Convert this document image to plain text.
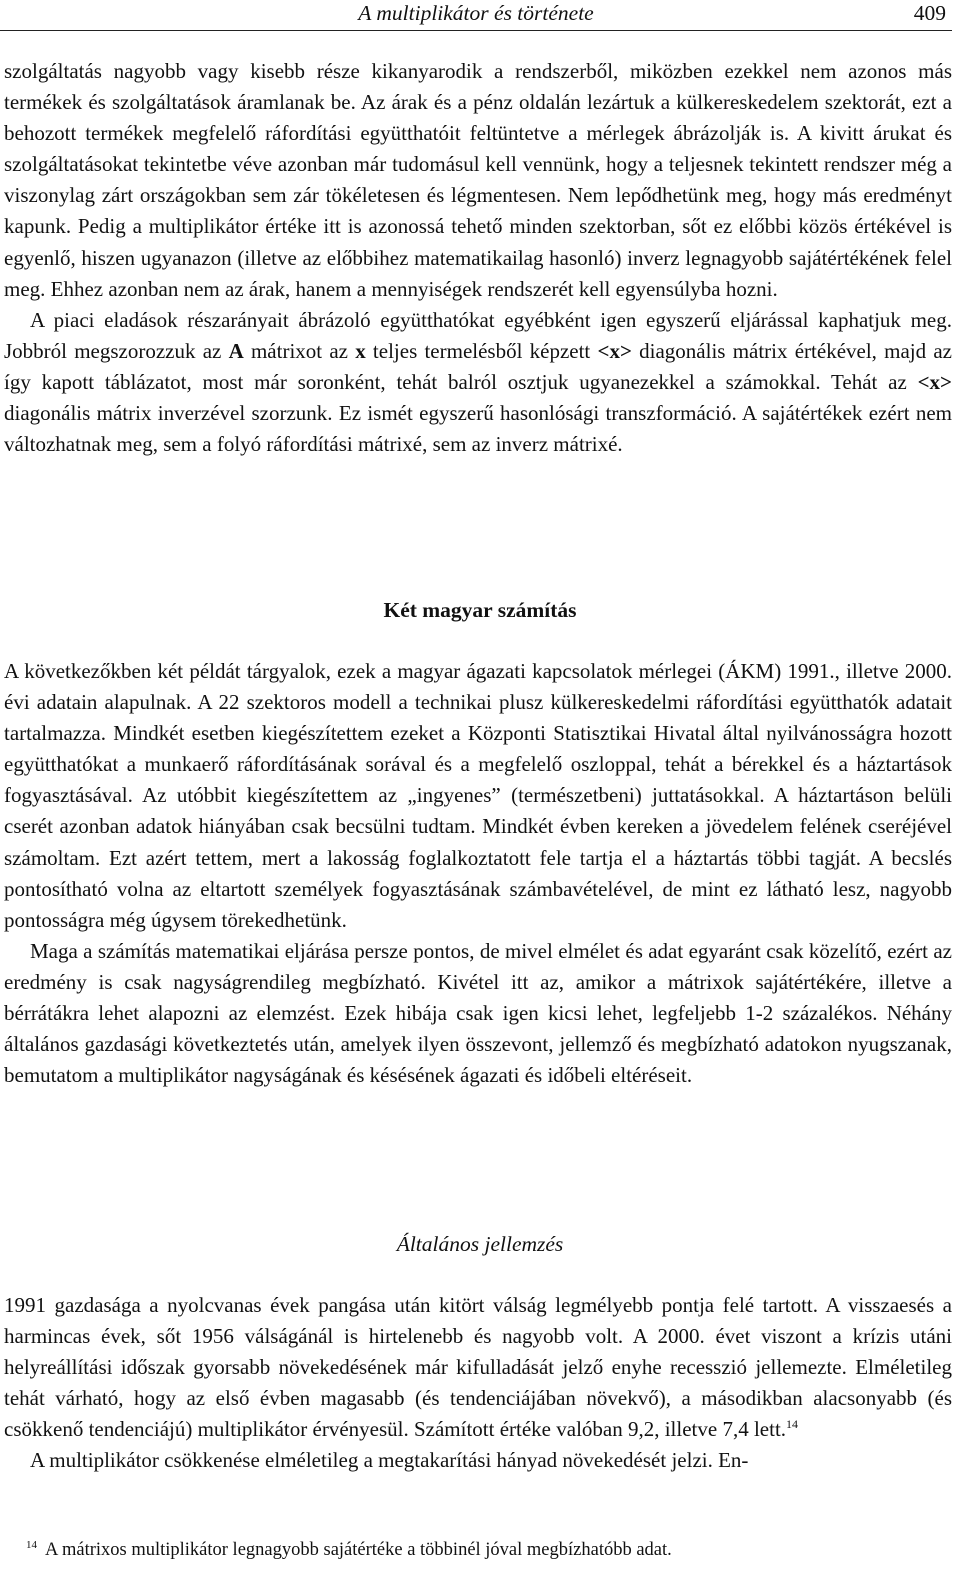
A multiplikátor és története	409

szolgáltatás nagyobb vagy kisebb része kikanyarodik a rendszerből, miközben ezekkel nem azonos más termékek és szolgáltatások áramlanak be. Az árak és a pénz oldalán lezártuk a külkereskedelem szektorát, ezt a behozott termékek megfelelő ráfordítási együtthatóit feltüntetve a mérlegek ábrázolják is. A kivitt árukat és szolgáltatásokat tekintetbe véve azonban már tudomásul kell vennünk, hogy a teljesnek tekintett rendszer még a viszonylag zárt országokban sem zár tökéletesen és légmentesen. Nem lepődhetünk meg, hogy más eredményt kapunk. Pedig a multiplikátor értéke itt is azonossá tehető minden szektorban, sőt ez előbbi közös értékével is egyenlő, hiszen ugyanazon (illetve az előbbihez matematikailag hasonló) inverz legnagyobb sajátértékének felel meg. Ehhez azonban nem az árak, hanem a mennyiségek rendszerét kell egyensúlyba hozni.

A piaci eladások részarányait ábrázoló együtthatókat egyébként igen egyszerű eljárással kaphatjuk meg. Jobbról megszorozzuk az A mátrixot az x teljes termelésből képzett <x> diagonális mátrix értékével, majd az így kapott táblázatot, most már soronként, tehát balról osztjuk ugyanezekkel a számokkal. Tehát az <x> diagonális mátrix inverzével szorzunk. Ez ismét egyszerű hasonlósági transzformáció. A sajátértékek ezért nem változhatnak meg, sem a folyó ráfordítási mátrixé, sem az inverz mátrixé.

Két magyar számítás

A következőkben két példát tárgyalok, ezek a magyar ágazati kapcsolatok mérlegei (ÁKM) 1991., illetve 2000. évi adatain alapulnak. A 22 szektoros modell a technikai plusz külkereskedelmi ráfordítási együtthatók adatait tartalmazza. Mindkét esetben kiegészítettem ezeket a Központi Statisztikai Hivatal által nyilvánosságra hozott együtthatókat a munkaerő ráfordításának sorával és a megfelelő oszloppal, tehát a bérekkel és a háztartások fogyasztásával. Az utóbbit kiegészítettem az „ingyenes” (természetbeni) juttatásokkal. A háztartáson belüli cserét azonban adatok hiányában csak becsülni tudtam. Mindkét évben kereken a jövedelem felének cseréjével számoltam. Ezt azért tettem, mert a lakosság foglalkoztatott fele tartja el a háztartás többi tagját. A becslés pontosítható volna az eltartott személyek fogyasztásának számbavételével, de mint ez látható lesz, nagyobb pontosságra még úgysem törekedhetünk.

Maga a számítás matematikai eljárása persze pontos, de mivel elmélet és adat egyaránt csak közelítő, ezért az eredmény is csak nagyságrendileg megbízható. Kivétel itt az, amikor a mátrixok sajátértékére, illetve a bérrátákra lehet alapozni az elemzést. Ezek hibája csak igen kicsi lehet, legfeljebb 1-2 százalékos. Néhány általános gazdasági következtetés után, amelyek ilyen összevont, jellemző és megbízható adatokon nyugszanak, bemutatom a multiplikátor nagyságának és késésének ágazati és időbeli eltéréseit.

Általános jellemzés

1991 gazdasága a nyolcvanas évek pangása után kitört válság legmélyebb pontja felé tartott. A visszaesés a harmincas évek, sőt 1956 válságánál is hirtelenebb és nagyobb volt. A 2000. évet viszont a krízis utáni helyreállítási időszak gyorsabb növekedésének már kifulladását jelző enyhe recesszió jellemezte. Elméletileg tehát várható, hogy az első évben magasabb (és tendenciájában növekvő), a másodikban alacsonyabb (és csökkenő tendenciájú) multiplikátor érvényesül. Számított értéke valóban 9,2, illetve 7,4 lett.$^{14}$

A multiplikátor csökkenése elméletileg a megtakarítási hányad növekedését jelzi. En-

$^{14}$ A mátrixos multiplikátor legnagyobb sajátértéke a többinél jóval megbízhatóbb adat.
